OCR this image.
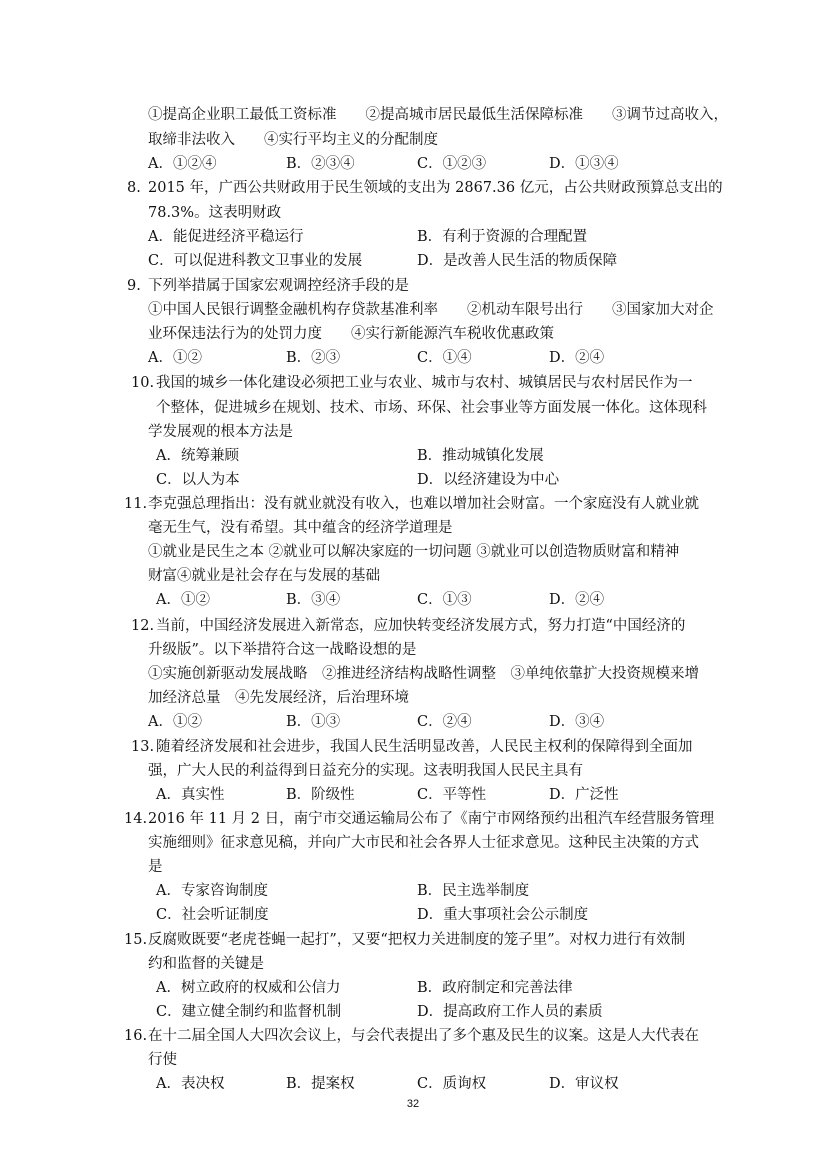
①提高企业职工最低工资标准　　②提高城市居民最低生活保障标准　　③调节过高收入，
取缔非法收入　　④实行平均主义的分配制度
A．①②④	B．②③④	C．①②③	D．①③④
8. 2015 年，广西公共财政用于民生领域的支出为 2867.36 亿元，占公共财政预算总支出的
78.3%。这表明财政
A．能促进经济平稳运行	B．有利于资源的合理配置
C．可以促进科教文卫事业的发展	D．是改善人民生活的物质保障
9. 下列举措属于国家宏观调控经济手段的是
①中国人民银行调整金融机构存贷款基准利率　　②机动车限号出行　　③国家加大对企
业环保违法行为的处罚力度　　④实行新能源汽车税收优惠政策
A．①②	B．②③	C．①④	D．②④
10. 我国的城乡一体化建设必须把工业与农业、城市与农村、城镇居民与农村居民作为一
个整体，促进城乡在规划、技术、市场、环保、社会事业等方面发展一体化。这体现科
学发展观的根本方法是
A．统筹兼顾	B．推动城镇化发展
C．以人为本	D．以经济建设为中心
11. 李克强总理指出：没有就业就没有收入，也难以增加社会财富。一个家庭没有人就业就
毫无生气，没有希望。其中蕴含的经济学道理是
①就业是民生之本 ②就业可以解决家庭的一切问题 ③就业可以创造物质财富和精神
财富④就业是社会存在与发展的基础
A．①②	B．③④	C．①③	D．②④
12. 当前，中国经济发展进入新常态，应加快转变经济发展方式，努力打造“中国经济的
升级版”。以下举措符合这一战略设想的是
①实施创新驱动发展战略　②推进经济结构战略性调整　③单纯依靠扩大投资规模来增
加经济总量　④先发展经济，后治理环境
A．①②	B．①③	C．②④	D．③④
13. 随着经济发展和社会进步，我国人民生活明显改善，人民民主权利的保障得到全面加
强，广大人民的利益得到日益充分的实现。这表明我国人民民主具有
A．真实性	B．阶级性	C．平等性	D．广泛性
14. 2016 年 11 月 2 日，南宁市交通运输局公布了《南宁市网络预约出租汽车经营服务管理
实施细则》征求意见稿，并向广大市民和社会各界人士征求意见。这种民主决策的方式
是
A．专家咨询制度	B．民主选举制度
C．社会听证制度	D．重大事项社会公示制度
15. 反腐败既要“老虎苍蝇一起打”，又要“把权力关进制度的笼子里”。对权力进行有效制
约和监督的关键是
A．树立政府的权威和公信力	B．政府制定和完善法律
C．建立健全制约和监督机制	D．提高政府工作人员的素质
16. 在十二届全国人大四次会议上，与会代表提出了多个惠及民生的议案。这是人大代表在
行使
A．表决权	B．提案权	C．质询权	D．审议权
32
